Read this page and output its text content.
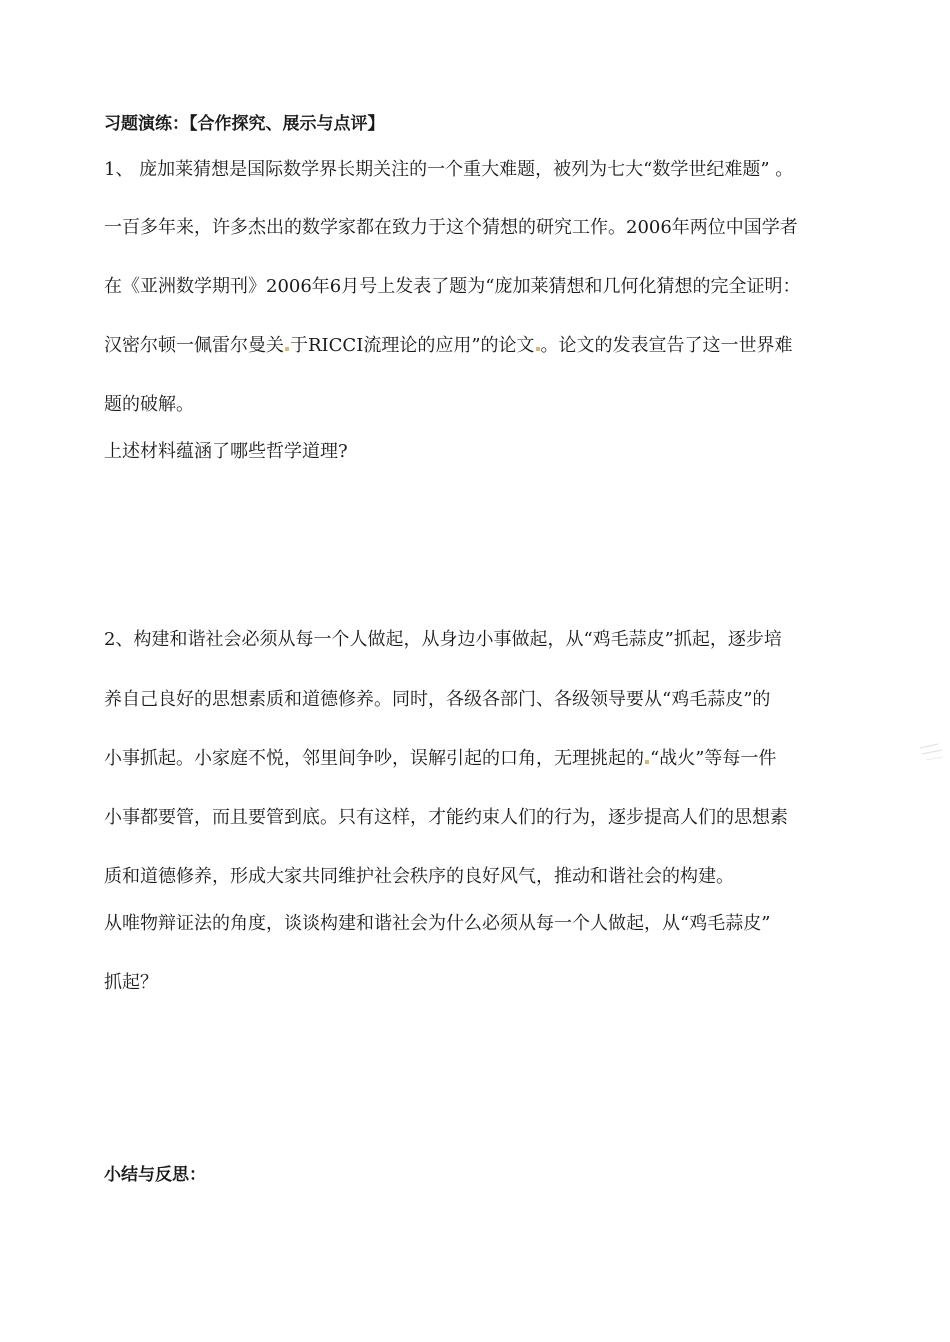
习题演练：【合作探究、展示与点评】
1、 庞加莱猜想是国际数学界长期关注的一个重大难题，被列为七大“数学世纪难题” 。
一百多年来，许多杰出的数学家都在致力于这个猜想的研究工作。2006年两位中国学者
在《亚洲数学期刊》2006年6月号上发表了题为“庞加莱猜想和几何化猜想的完全证明：
汉密尔顿一佩雷尔曼关 于RICCI流理论的应用”的论文 。论文的发表宣告了这一世界难
题的破解。
上述材料蕴涵了哪些哲学道理?
2、构建和谐社会必须从每一个人做起，从身边小事做起，从“鸡毛蒜皮”抓起，逐步培
养自己良好的思想素质和道德修养。同时，各级各部门、各级领导要从“鸡毛蒜皮”的
小事抓起。小家庭不悦，邻里间争吵，误解引起的口角，无理挑起的 “战火”等每一件
小事都要管，而且要管到底。只有这样，才能约束人们的行为，逐步提高人们的思想素
质和道德修养，形成大家共同维护社会秩序的良好风气，推动和谐社会的构建。
从唯物辩证法的角度，谈谈构建和谐社会为什么必须从每一个人做起，从“鸡毛蒜皮”
抓起？
小结与反思：
